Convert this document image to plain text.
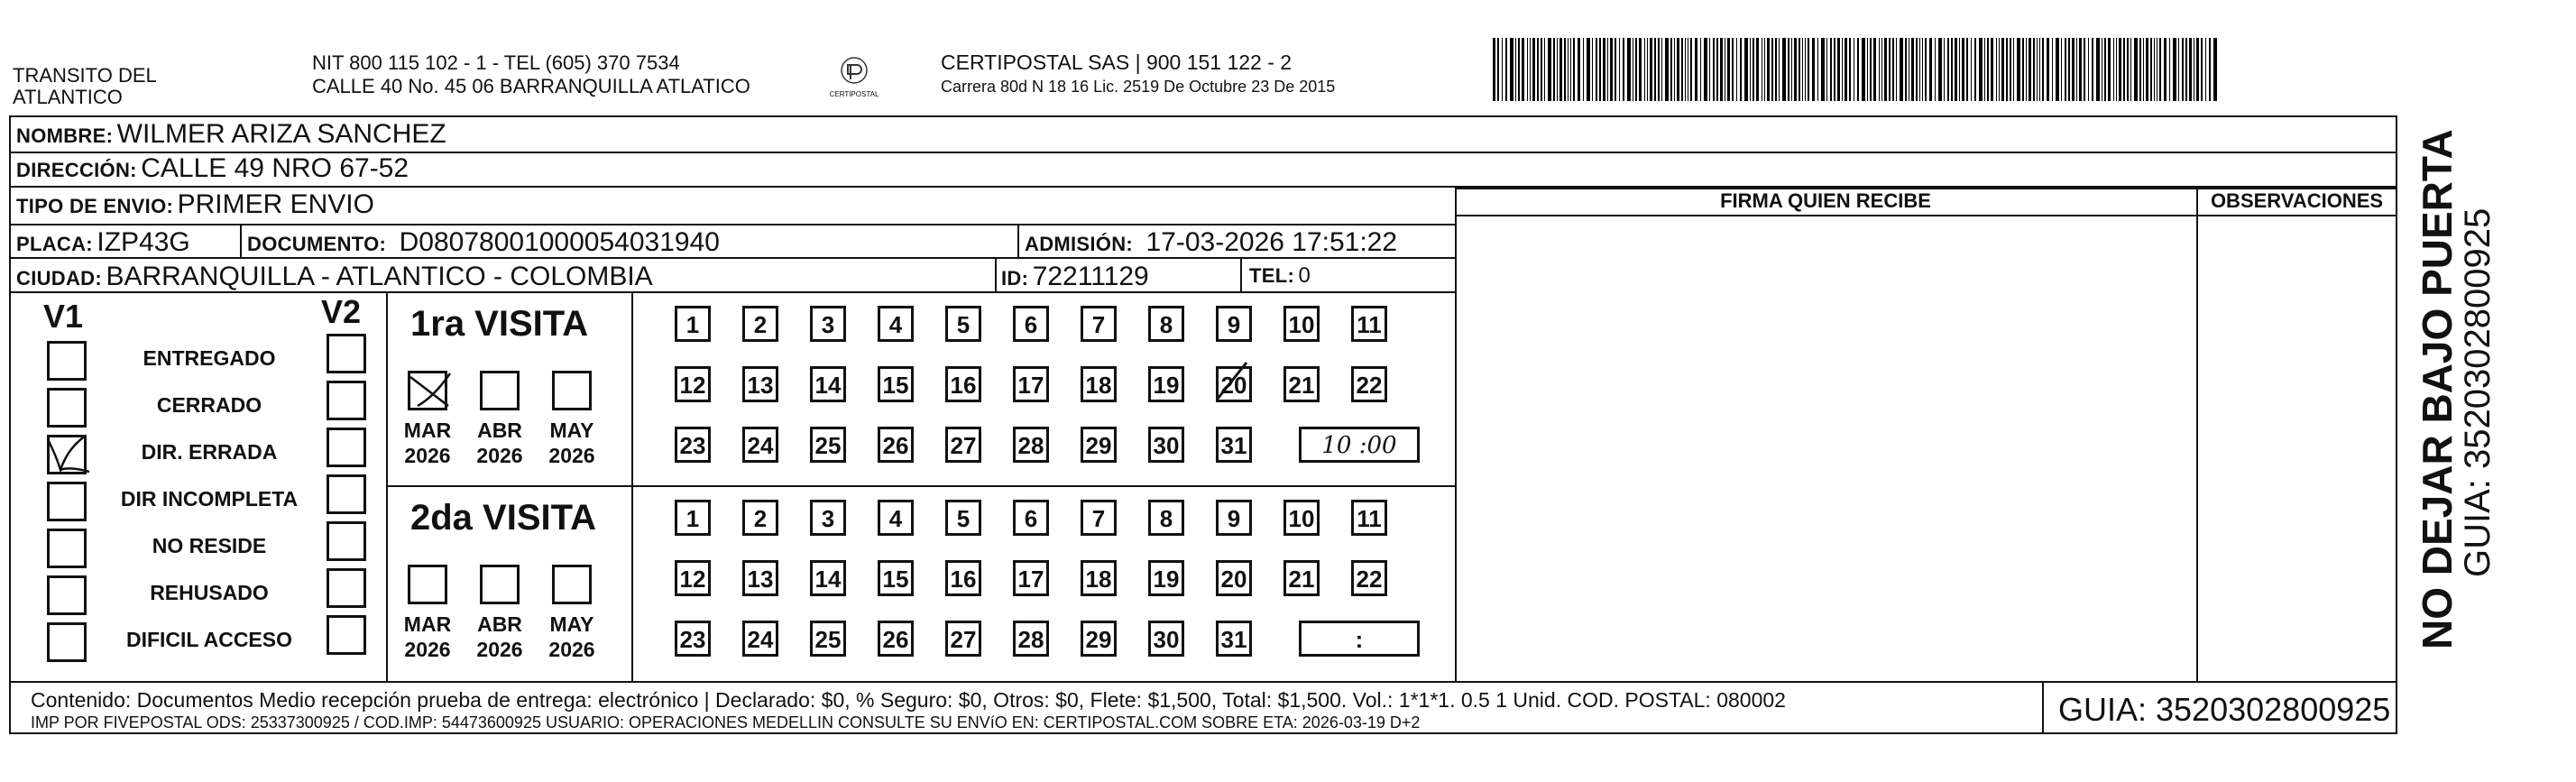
TRANSITO DEL
ATLANTICO
NIT 800 115 102 - 1 - TEL (605) 370 7534
CALLE 40 No. 45 06 BARRANQUILLA ATLATICO	CERTIPOSTAL
CERTIPOSTAL SAS | 900 151 122 - 2
Carrera 80d N 18 16 Lic. 2519 De Octubre 23 De 2015
NOMBRE: WILMER ARIZA SANCHEZ
DIRECCIÓN: CALLE 49 NRO 67-52
TIPO DE ENVIO: PRIMER ENVIO	FIRMA QUIEN RECIBE	OBSERVACIONES
PLACA: IZP43G	DOCUMENTO: D08078001000054031940	ADMISIÓN: 17-03-2026 17:51:22
CIUDAD: BARRANQUILLA - ATLANTICO - COLOMBIA	ID: 72211129	TEL: 0
V1	V2
ENTREGADO
CERRADO
DIR. ERRADA
DIR INCOMPLETA
NO RESIDE
REHUSADO
DIFICIL ACCESO
1ra VISITA
MAR
2026
ABR
2026
MAY
2026
1	2	3	4	5	6	7	8	9	10 11
12 13 14 15 16 17 18 19 20 21 22
23 24 25 26 27 28 29 30 31	10 :00
2da VISITA
MAR
2026
ABR
2026
MAY
2026
1	2	3	4	5	6	7	8	9	10 11
12 13 14 15 16 17 18 19 20 21 22
23 24 25 26 27 28 29 30 31	:
Contenido: Documentos Medio recepción prueba de entrega: electrónico | Declarado: $0, % Seguro: $0, Otros: $0, Flete: $1,500, Total: $1,500. Vol.: 1*1*1. 0.5 1 Unid. COD. POSTAL: 080002
IMP POR FIVEPOSTAL ODS: 25337300925 / COD.IMP: 54473600925 USUARIO: OPERACIONES MEDELLIN CONSULTE SU ENVíO EN: CERTIPOSTAL.COM SOBRE ETA: 2026-03-19 D+2	GUIA: 3520302800925
NO DEJAR BAJO PUERTA
GUIA: 3520302800925
